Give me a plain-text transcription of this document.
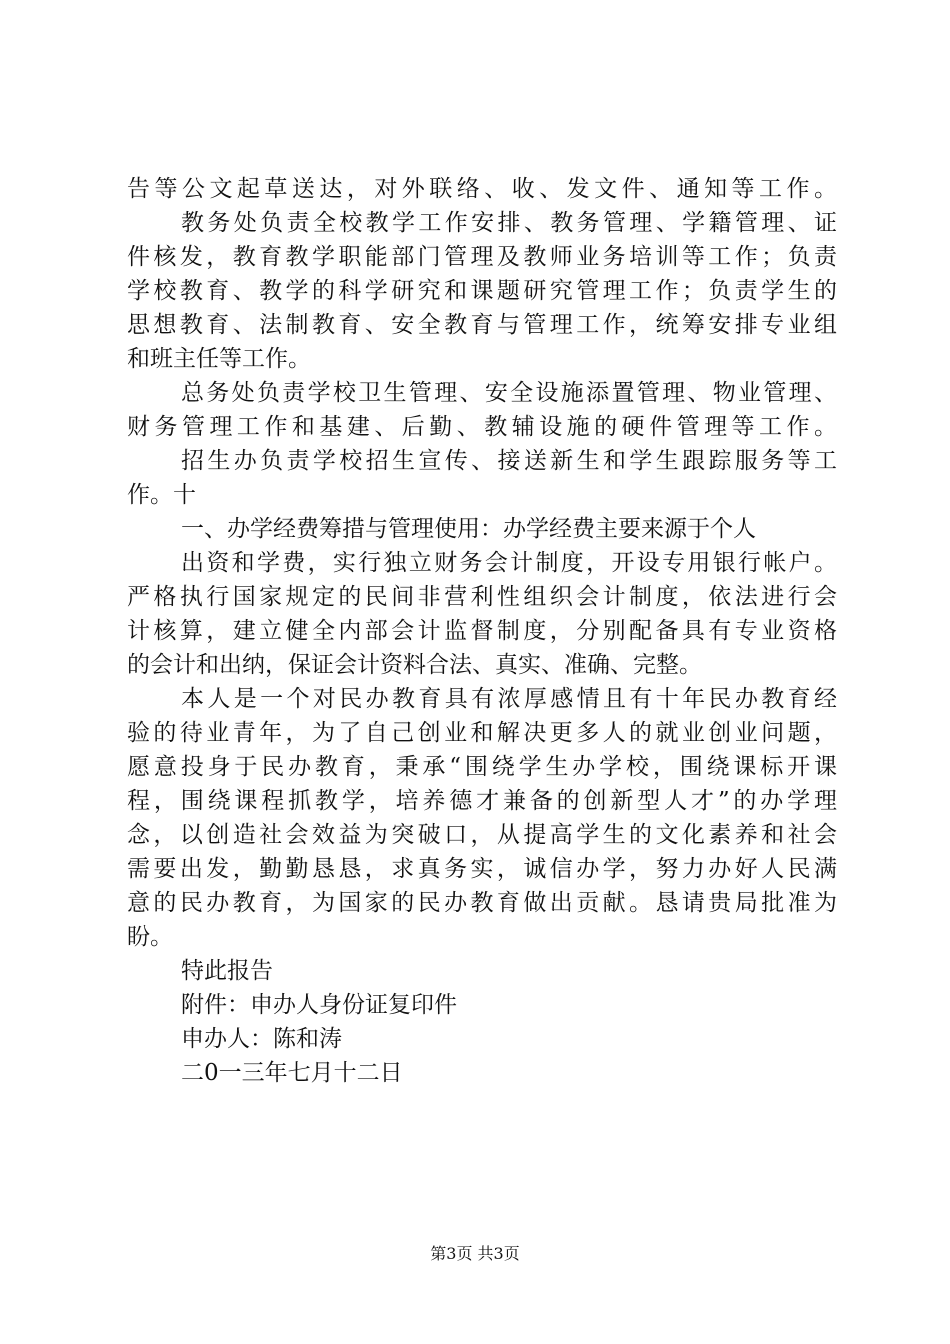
告等公文起草送达，对外联络、收、发文件、通知等工作。
教务处负责全校教学工作安排、教务管理、学籍管理、证
件核发，教育教学职能部门管理及教师业务培训等工作；负责
学校教育、教学的科学研究和课题研究管理工作；负责学生的
思想教育、法制教育、安全教育与管理工作，统筹安排专业组
和班主任等工作。
总务处负责学校卫生管理、安全设施添置管理、物业管理、
财务管理工作和基建、后勤、教辅设施的硬件管理等工作。
招生办负责学校招生宣传、接送新生和学生跟踪服务等工
作。十
一、办学经费筹措与管理使用：办学经费主要来源于个人
出资和学费，实行独立财务会计制度，开设专用银行帐户。
严格执行国家规定的民间非营利性组织会计制度，依法进行会
计核算，建立健全内部会计监督制度，分别配备具有专业资格
的会计和出纳，保证会计资料合法、真实、准确、完整。
本人是一个对民办教育具有浓厚感情且有十年民办教育经
验的待业青年，为了自己创业和解决更多人的就业创业问题，
愿意投身于民办教育，秉承“围绕学生办学校，围绕课标开课
程，围绕课程抓教学，培养德才兼备的创新型人才”的办学理
念，以创造社会效益为突破口，从提高学生的文化素养和社会
需要出发，勤勤恳恳，求真务实，诚信办学，努力办好人民满
意的民办教育，为国家的民办教育做出贡献。恳请贵局批准为
盼。
特此报告
附件：申办人身份证复印件
申办人：陈和涛
二0一三年七月十二日
第3页 共3页
